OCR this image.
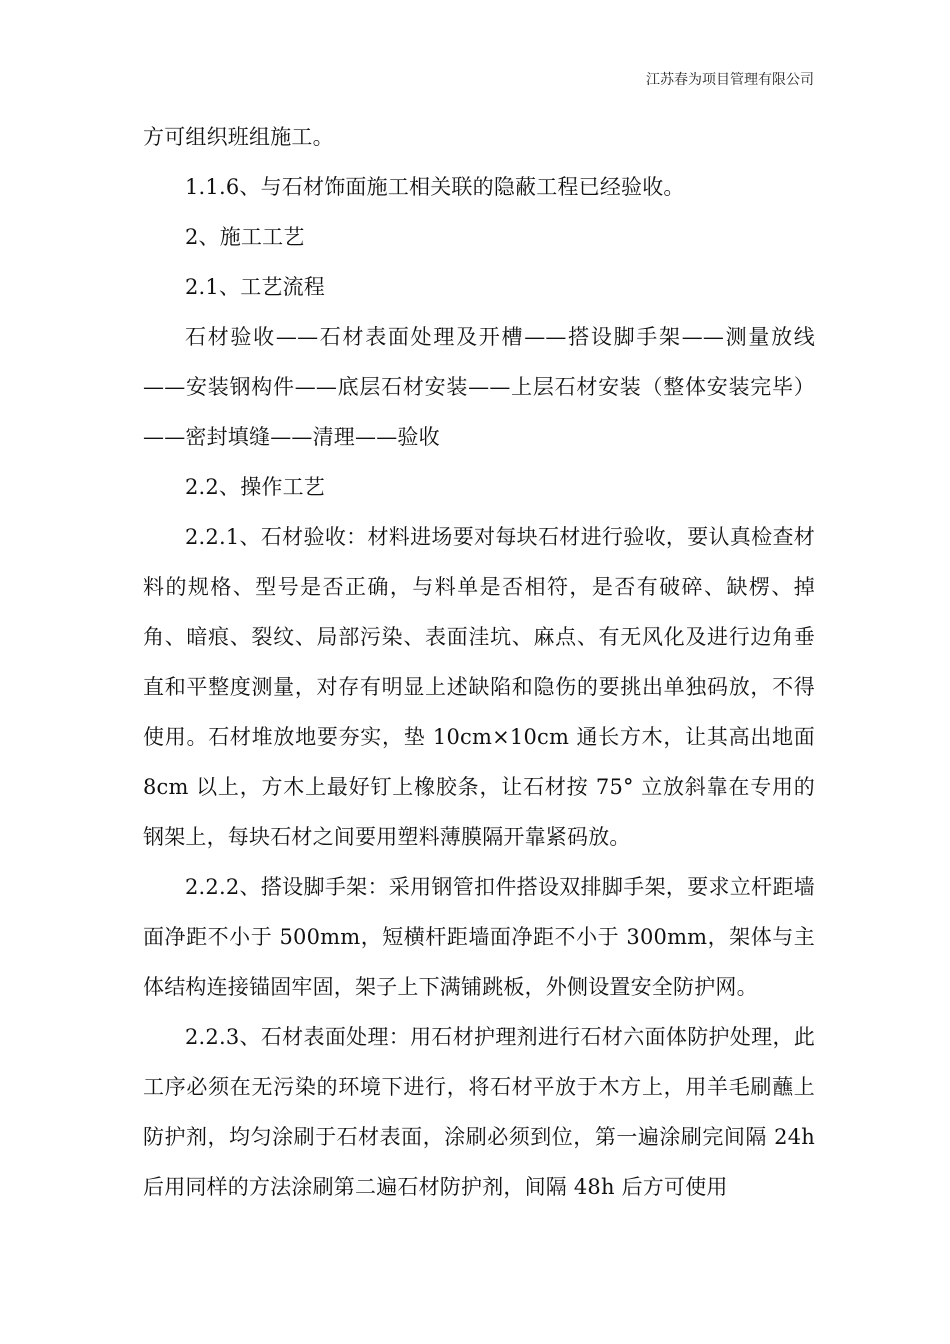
江苏春为项目管理有限公司

方可组织班组施工。

1.1.6、与石材饰面施工相关联的隐蔽工程已经验收。

2、施工工艺

2.1、工艺流程

石材验收——石材表面处理及开槽——搭设脚手架——测量放线——安装钢构件——底层石材安装——上层石材安装（整体安装完毕）——密封填缝——清理——验收

2.2、操作工艺

2.2.1、石材验收：材料进场要对每块石材进行验收，要认真检查材料的规格、型号是否正确，与料单是否相符，是否有破碎、缺楞、掉角、暗痕、裂纹、局部污染、表面洼坑、麻点、有无风化及进行边角垂直和平整度测量，对存有明显上述缺陷和隐伤的要挑出单独码放，不得使用。石材堆放地要夯实，垫 10cm×10cm 通长方木，让其高出地面 8cm 以上，方木上最好钉上橡胶条，让石材按 75° 立放斜靠在专用的钢架上，每块石材之间要用塑料薄膜隔开靠紧码放。

2.2.2、搭设脚手架：采用钢管扣件搭设双排脚手架，要求立杆距墙面净距不小于 500mm，短横杆距墙面净距不小于 300mm，架体与主体结构连接锚固牢固，架子上下满铺跳板，外侧设置安全防护网。

2.2.3、石材表面处理：用石材护理剂进行石材六面体防护处理，此工序必须在无污染的环境下进行，将石材平放于木方上，用羊毛刷蘸上防护剂，均匀涂刷于石材表面，涂刷必须到位，第一遍涂刷完间隔 24h 后用同样的方法涂刷第二遍石材防护剂，间隔 48h 后方可使用
